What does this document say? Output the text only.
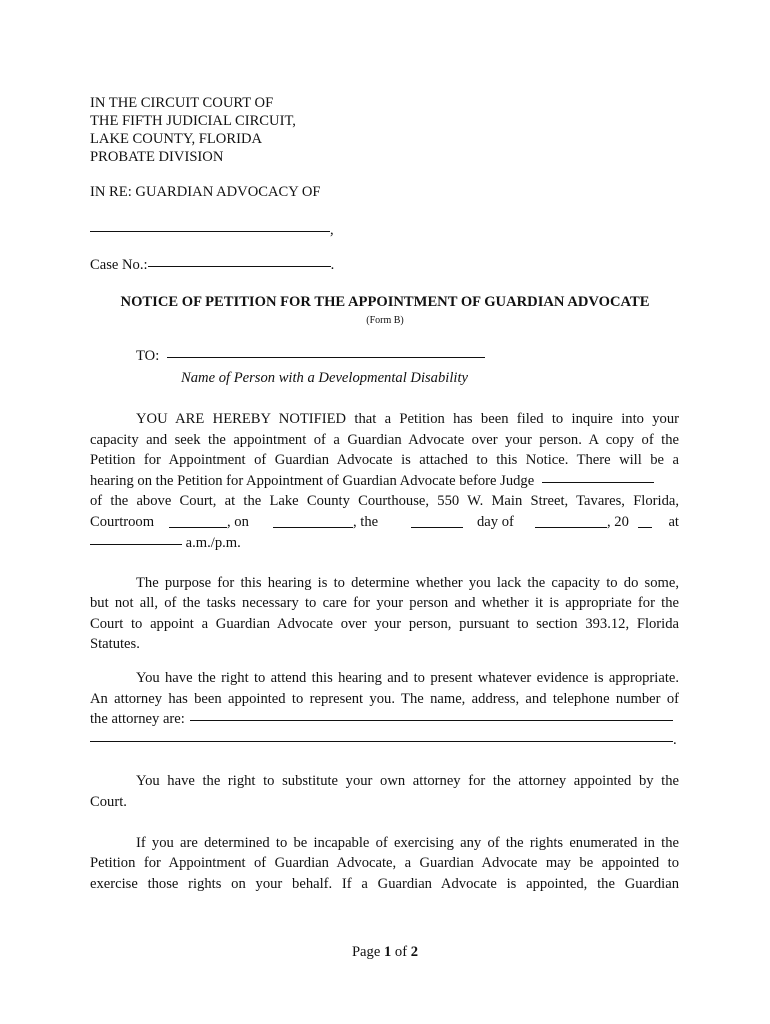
IN THE CIRCUIT COURT OF
THE FIFTH JUDICIAL CIRCUIT,
LAKE COUNTY, FLORIDA
PROBATE DIVISION
IN RE: GUARDIAN ADVOCACY OF
,
Case No.:	.
NOTICE OF PETITION FOR THE APPOINTMENT OF GUARDIAN ADVOCATE
(Form B)
TO:
Name of Person with a Developmental Disability
YOU ARE HEREBY NOTIFIED that a Petition has been filed to inquire into your
capacity and seek the appointment of a Guardian Advocate over your person. A copy of the
Petition for Appointment of Guardian Advocate is attached to this Notice. There will be a
hearing on the Petition for Appointment of Guardian Advocate before Judge
of the above Court, at the Lake County Courthouse, 550 W. Main Street, Tavares, Florida,
Courtroom	, on	, the	day of	, 20	at
a.m./p.m.
The purpose for this hearing is to determine whether you lack the capacity to do some,
but not all, of the tasks necessary to care for your person and whether it is appropriate for the
Court to appoint a Guardian Advocate over your person, pursuant to section 393.12, Florida
Statutes.
You have the right to attend this hearing and to present whatever evidence is appropriate.
An attorney has been appointed to represent you. The name, address, and telephone number of
the attorney are:
.
You have the right to substitute your own attorney for the attorney appointed by the
Court.
If you are determined to be incapable of exercising any of the rights enumerated in the
Petition for Appointment of Guardian Advocate, a Guardian Advocate may be appointed to
exercise those rights on your behalf. If a Guardian Advocate is appointed, the Guardian
Page 1 of 2
